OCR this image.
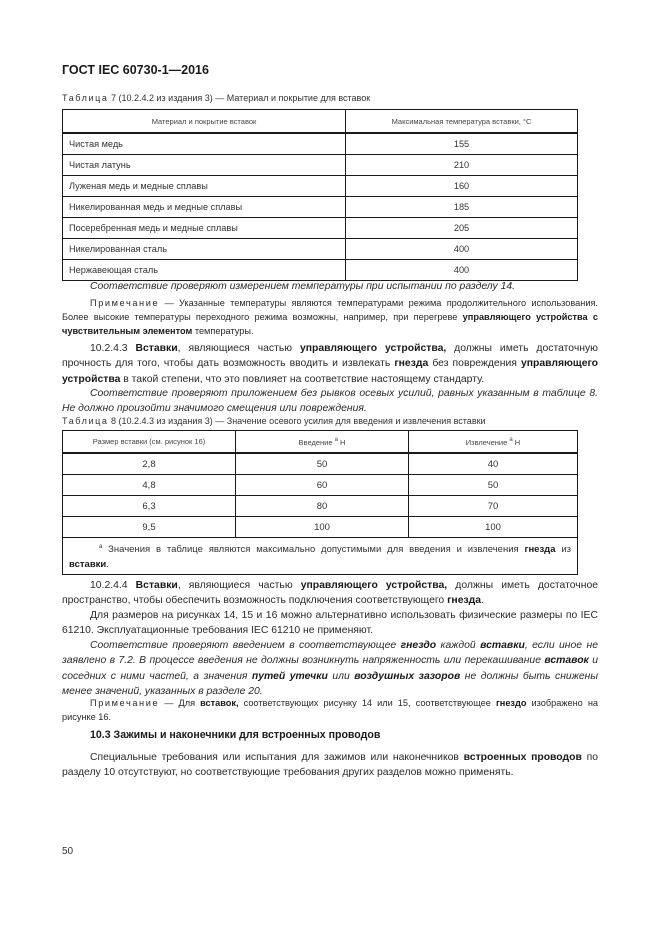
ГОСТ IEC 60730-1—2016
Таблица 7 (10.2.4.2 из издания 3) — Материал и покрытие для вставок
Материал и покрытие вставок	Максимальная температура вставки, °С
Чистая медь	155
Чистая латунь	210
Луженая медь и медные сплавы	160
Никелированная медь и медные сплавы	185
Посеребренная медь и медные сплавы	205
Никелированная сталь	400
Нержавеющая сталь	400
Соответствие проверяют измерением температуры при испытании по разделу 14.
Примечание — Указанные температуры являются температурами режима продолжительного использования. Более высокие температуры переходного режима возможны, например, при перегреве управляющего устройства с чувствительным элементом температуры.
10.2.4.3 Вставки, являющиеся частью управляющего устройства, должны иметь достаточную прочность для того, чтобы дать возможность вводить и извлекать гнезда без повреждения управляющего устройства в такой степени, что это повлияет на соответствие настоящему стандарту.
Соответствие проверяют приложением без рывков осевых усилий, равных указанным в таблице 8. Не должно произойти значимого смещения или повреждения.
Таблица 8 (10.2.4.3 из издания 3) — Значение осевого усилия для введения и извлечения вставки
Размер вставки (см. рисунок 16)	Введение $^а$ Н	Извлечение $^а$ Н
2,8	50	40
4,8	60	50
6,3	80	70
9,5	100	100
$^а$ Значения в таблице являются максимально допустимыми для введения и извлечения гнезда из вставки.		
10.2.4.4 Вставки, являющиеся частью управляющего устройства, должны иметь достаточное пространство, чтобы обеспечить возможность подключения соответствующего гнезда.
Для размеров на рисунках 14, 15 и 16 можно альтернативно использовать физические размеры по IEC 61210. Эксплуатационные требования IEC 61210 не применяют.
Соответствие проверяют введением в соответствующее гнездо каждой вставки, если иное не заявлено в 7.2. В процессе введения не должны возникнуть напряженность или перекашивание вставок и соседних с ними частей, а значения путей утечки или воздушных зазоров не должны быть снижены менее значений, указанных в разделе 20.
Примечание — Для вставок, соответствующих рисунку 14 или 15, соответствующее гнездо изображено на рисунке 16.
10.3 Зажимы и наконечники для встроенных проводов
Специальные требования или испытания для зажимов или наконечников встроенных проводов по разделу 10 отсутствуют, но соответствующие требования других разделов можно применять.
50
